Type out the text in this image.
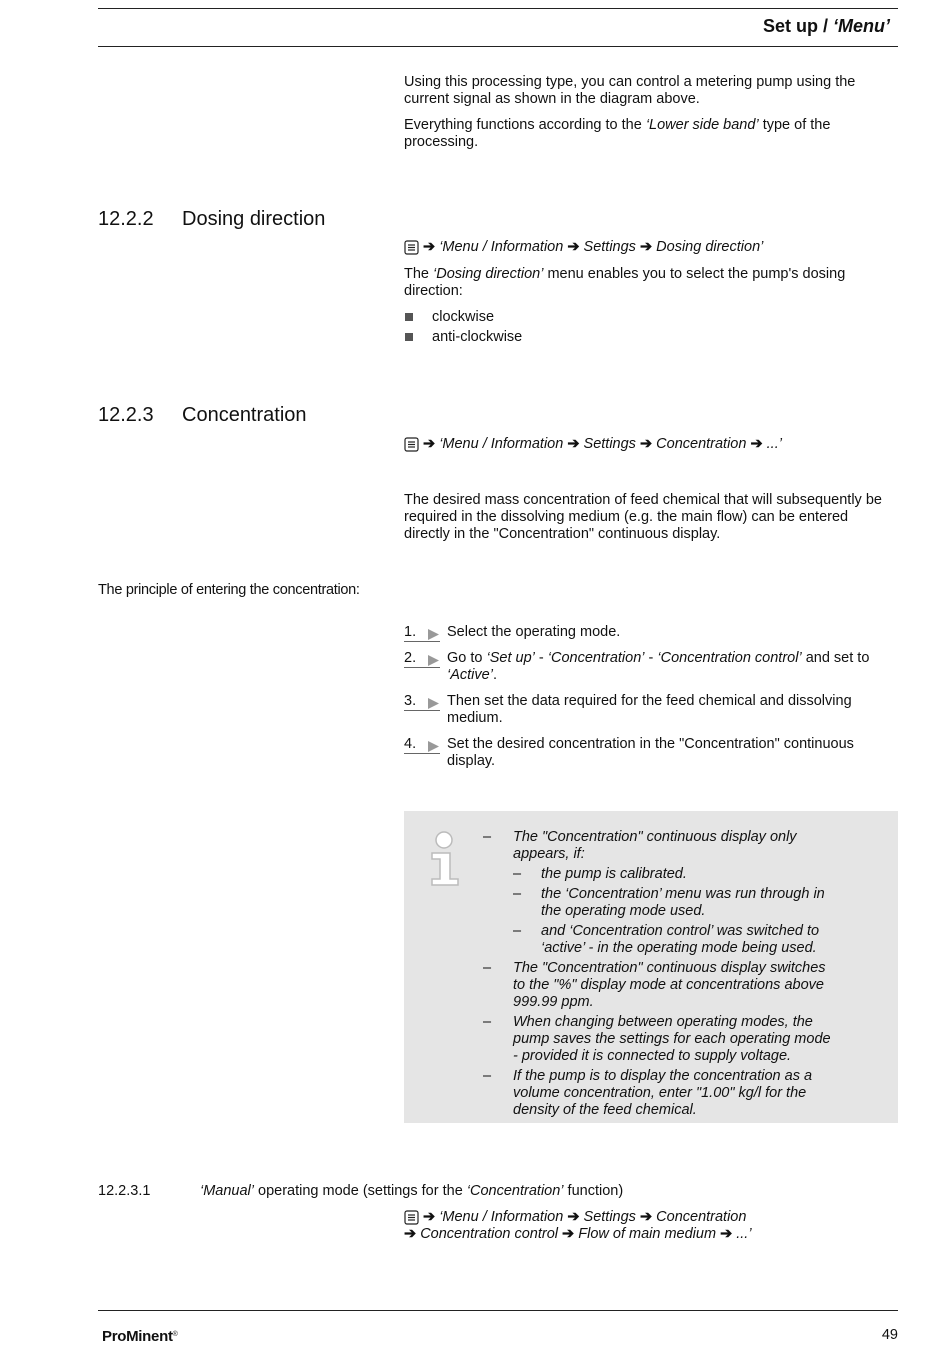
Set up / ‘Menu’

Using this processing type, you can control a metering pump using the current signal as shown in the diagram above.

Everything functions according to the ‘Lower side band’ type of the processing.

12.2.2 Dosing direction
➔ ‘Menu / Information ➔ Settings ➔ Dosing direction’
The ‘Dosing direction’ menu enables you to select the pump's dosing direction:
clockwise
anti-clockwise
12.2.3 Concentration
➔ ‘Menu / Information ➔ Settings ➔ Concentration ➔ ...’
The desired mass concentration of feed chemical that will subsequently be required in the dissolving medium (e.g. the main flow) can be entered directly in the "Concentration" continuous display.
The principle of entering the concentration:
1. Select the operating mode.
2. Go to ‘Set up’ - ‘Concentration’ - ‘Concentration control’ and set to ‘Active’.
3. Then set the data required for the feed chemical and dissolving medium.
4. Set the desired concentration in the "Concentration" continuous display.
– The "Concentration" continuous display only appears, if:
– the pump is calibrated.
– the ‘Concentration’ menu was run through in the operating mode used.
– and ‘Concentration control’ was switched to ‘active’ - in the operating mode being used.
– The "Concentration" continuous display switches to the "%" display mode at concentrations above 999.99 ppm.
– When changing between operating modes, the pump saves the settings for each operating mode - provided it is connected to supply voltage.
– If the pump is to display the concentration as a volume concentration, enter "1.00" kg/l for the density of the feed chemical.
12.2.3.1	‘Manual’ operating mode (settings for the ‘Concentration’ function)
➔ ‘Menu / Information ➔ Settings ➔ Concentration
➔ Concentration control ➔ Flow of main medium ➔ ...’
ProMinent®	49
